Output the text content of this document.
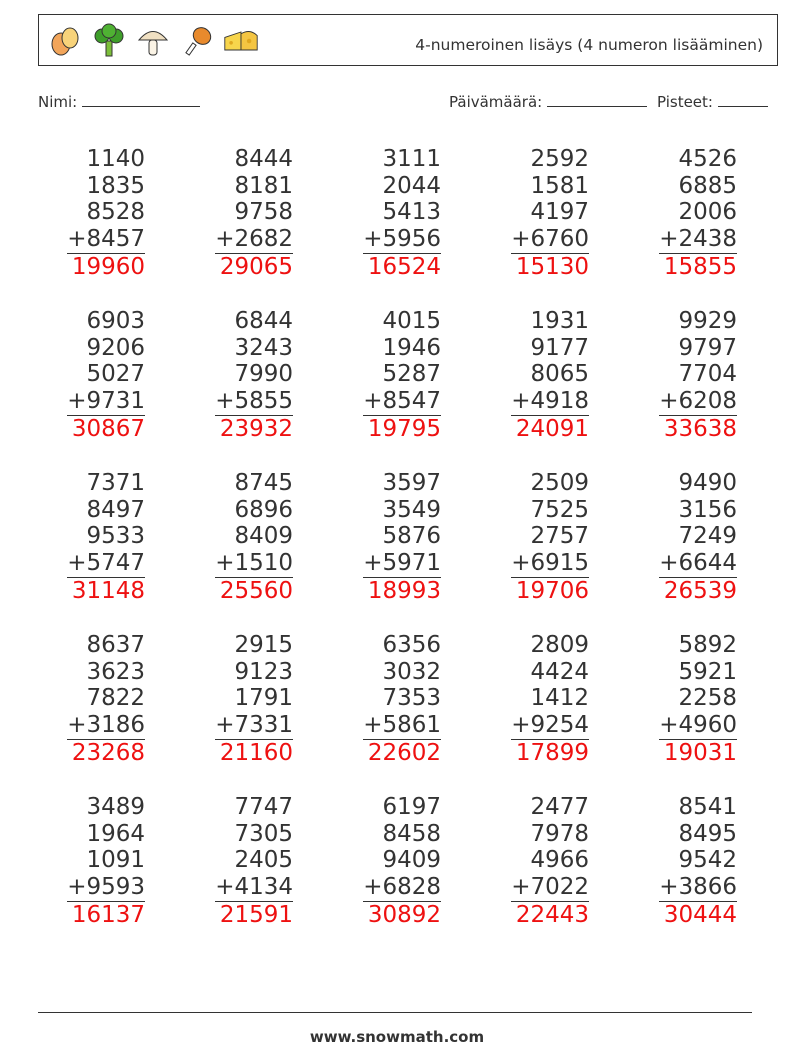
4-numeroinen lisäys (4 numeron lisääminen)
Nimi:	Päivämäärä:	Pisteet:
1140
1835
8528
+8457
19960
8444
8181
9758
+2682
29065
3111
2044
5413
+5956
16524
2592
1581
4197
+6760
15130
4526
6885
2006
+2438
15855
6903
9206
5027
+9731
30867
6844
3243
7990
+5855
23932
4015
1946
5287
+8547
19795
1931
9177
8065
+4918
24091
9929
9797
7704
+6208
33638
7371
8497
9533
+5747
31148
8745
6896
8409
+1510
25560
3597
3549
5876
+5971
18993
2509
7525
2757
+6915
19706
9490
3156
7249
+6644
26539
8637
3623
7822
+3186
23268
2915
9123
1791
+7331
21160
6356
3032
7353
+5861
22602
2809
4424
1412
+9254
17899
5892
5921
2258
+4960
19031
3489
1964
1091
+9593
16137
7747
7305
2405
+4134
21591
6197
8458
9409
+6828
30892
2477
7978
4966
+7022
22443
8541
8495
9542
+3866
30444
www.snowmath.com
